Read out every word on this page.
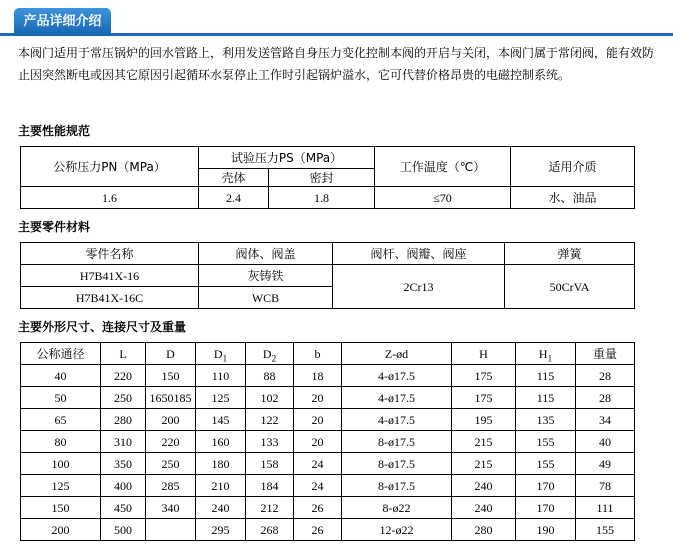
产品详细介绍

本阀门适用于常压锅炉的回水管路上，利用发送管路自身压力变化控制本阀的开启与关闭，本阀门属于常闭阀，能有效防止因突然断电或因其它原因引起循环水泵停止工作时引起锅炉溢水，它可代替价格昂贵的电磁控制系统。

主要性能规范

公称压力PN（MPa）	试验压力PS（MPa）		工作温度（℃）	适用介质
	壳体	密封		
1.6	2.4	1.8	≤70	水、油品

主要零件材料

零件名称	阀体、阀盖	阀杆、阀瓣、阀座	弹簧
H7B41X-16	灰铸铁	2Cr13	50CrVA
H7B41X-16C	WCB		

主要外形尺寸、连接尺寸及重量

公称通径	L	D	$D_1$	$D_2$	b	Z-ød	H	$H_1$	重量
40	220	150	110	88	18	4-ø17.5	175	115	28
50	250	1650185	125	102	20	4-ø17.5	175	115	28
65	280	200	145	122	20	4-ø17.5	195	135	34
80	310	220	160	133	20	8-ø17.5	215	155	40
100	350	250	180	158	24	8-ø17.5	215	155	49
125	400	285	210	184	24	8-ø17.5	240	170	78
150	450	340	240	212	26	8-ø22	240	170	111
200	500		295	268	26	12-ø22	280	190	155
